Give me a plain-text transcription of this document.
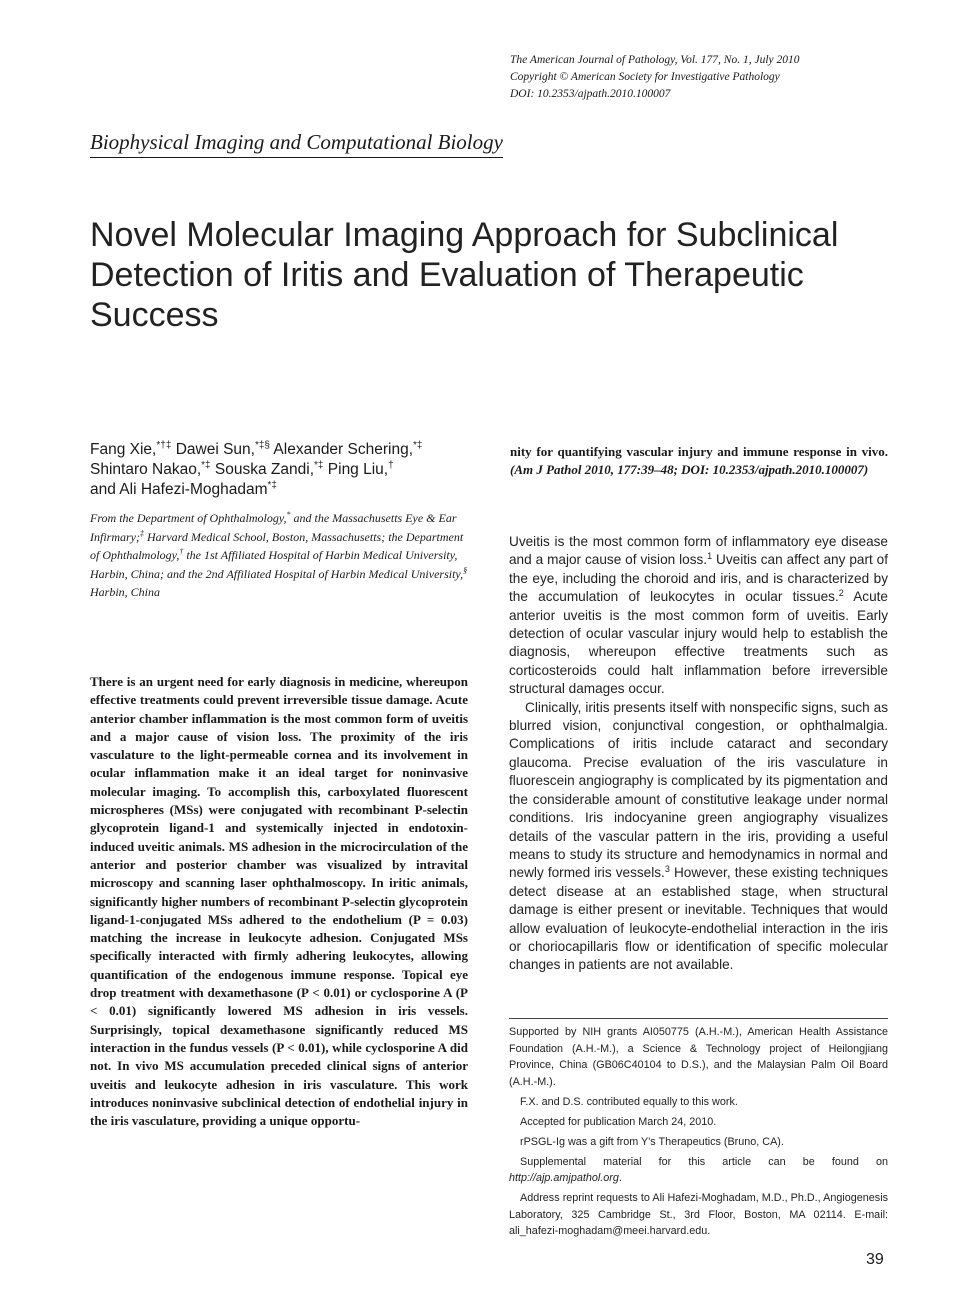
The American Journal of Pathology, Vol. 177, No. 1, July 2010
Copyright © American Society for Investigative Pathology
DOI: 10.2353/ajpath.2010.100007
Biophysical Imaging and Computational Biology
Novel Molecular Imaging Approach for Subclinical Detection of Iritis and Evaluation of Therapeutic Success
Fang Xie,*†‡ Dawei Sun,*‡§ Alexander Schering,*‡
Shintaro Nakao,*‡ Souska Zandi,*‡ Ping Liu,†
and Ali Hafezi-Moghadam*‡
From the Department of Ophthalmology,* and the Massachusetts Eye & Ear Infirmary;‡ Harvard Medical School, Boston, Massachusetts; the Department of Ophthalmology,† the 1st Affiliated Hospital of Harbin Medical University, Harbin, China; and the 2nd Affiliated Hospital of Harbin Medical University,§ Harbin, China
There is an urgent need for early diagnosis in medicine, whereupon effective treatments could prevent irreversible tissue damage. Acute anterior chamber inflammation is the most common form of uveitis and a major cause of vision loss. The proximity of the iris vasculature to the light-permeable cornea and its involvement in ocular inflammation make it an ideal target for noninvasive molecular imaging. To accomplish this, carboxylated fluorescent microspheres (MSs) were conjugated with recombinant P-selectin glycoprotein ligand-1 and systemically injected in endotoxin-induced uveitic animals. MS adhesion in the microcirculation of the anterior and posterior chamber was visualized by intravital microscopy and scanning laser ophthalmoscopy. In iritic animals, significantly higher numbers of recombinant P-selectin glycoprotein ligand-1-conjugated MSs adhered to the endothelium (P = 0.03) matching the increase in leukocyte adhesion. Conjugated MSs specifically interacted with firmly adhering leukocytes, allowing quantification of the endogenous immune response. Topical eye drop treatment with dexamethasone (P < 0.01) or cyclosporine A (P < 0.01) significantly lowered MS adhesion in iris vessels. Surprisingly, topical dexamethasone significantly reduced MS interaction in the fundus vessels (P < 0.01), while cyclosporine A did not. In vivo MS accumulation preceded clinical signs of anterior uveitis and leukocyte adhesion in iris vasculature. This work introduces noninvasive subclinical detection of endothelial injury in the iris vasculature, providing a unique opportu-
nity for quantifying vascular injury and immune response in vivo. (Am J Pathol 2010, 177:39–48; DOI: 10.2353/ajpath.2010.100007)

Uveitis is the most common form of inflammatory eye disease and a major cause of vision loss.$^1$ Uveitis can affect any part of the eye, including the choroid and iris, and is characterized by the accumulation of leukocytes in ocular tissues.$^2$ Acute anterior uveitis is the most common form of uveitis. Early detection of ocular vascular injury would help to establish the diagnosis, whereupon effective treatments such as corticosteroids could halt inflammation before irreversible structural damages occur.

Clinically, iritis presents itself with nonspecific signs, such as blurred vision, conjunctival congestion, or ophthalmalgia. Complications of iritis include cataract and secondary glaucoma. Precise evaluation of the iris vasculature in fluorescein angiography is complicated by its pigmentation and the considerable amount of constitutive leakage under normal conditions. Iris indocyanine green angiography visualizes details of the vascular pattern in the iris, providing a useful means to study its structure and hemodynamics in normal and newly formed iris vessels.$^3$ However, these existing techniques detect disease at an established stage, when structural damage is either present or inevitable. Techniques that would allow evaluation of leukocyte-endothelial interaction in the iris or choriocapillaris flow or identification of specific molecular changes in patients are not available.

Supported by NIH grants AI050775 (A.H.-M.), American Health Assistance Foundation (A.H.-M.), a Science & Technology project of Heilongjiang Province, China (GB06C40104 to D.S.), and the Malaysian Palm Oil Board (A.H.-M.).

F.X. and D.S. contributed equally to this work.

Accepted for publication March 24, 2010.

rPSGL-Ig was a gift from Y's Therapeutics (Bruno, CA).

Supplemental material for this article can be found on http://ajp.amjpathol.org.

Address reprint requests to Ali Hafezi-Moghadam, M.D., Ph.D., Angiogenesis Laboratory, 325 Cambridge St., 3rd Floor, Boston, MA 02114. E-mail: ali_hafezi-moghadam@meei.harvard.edu.

39
